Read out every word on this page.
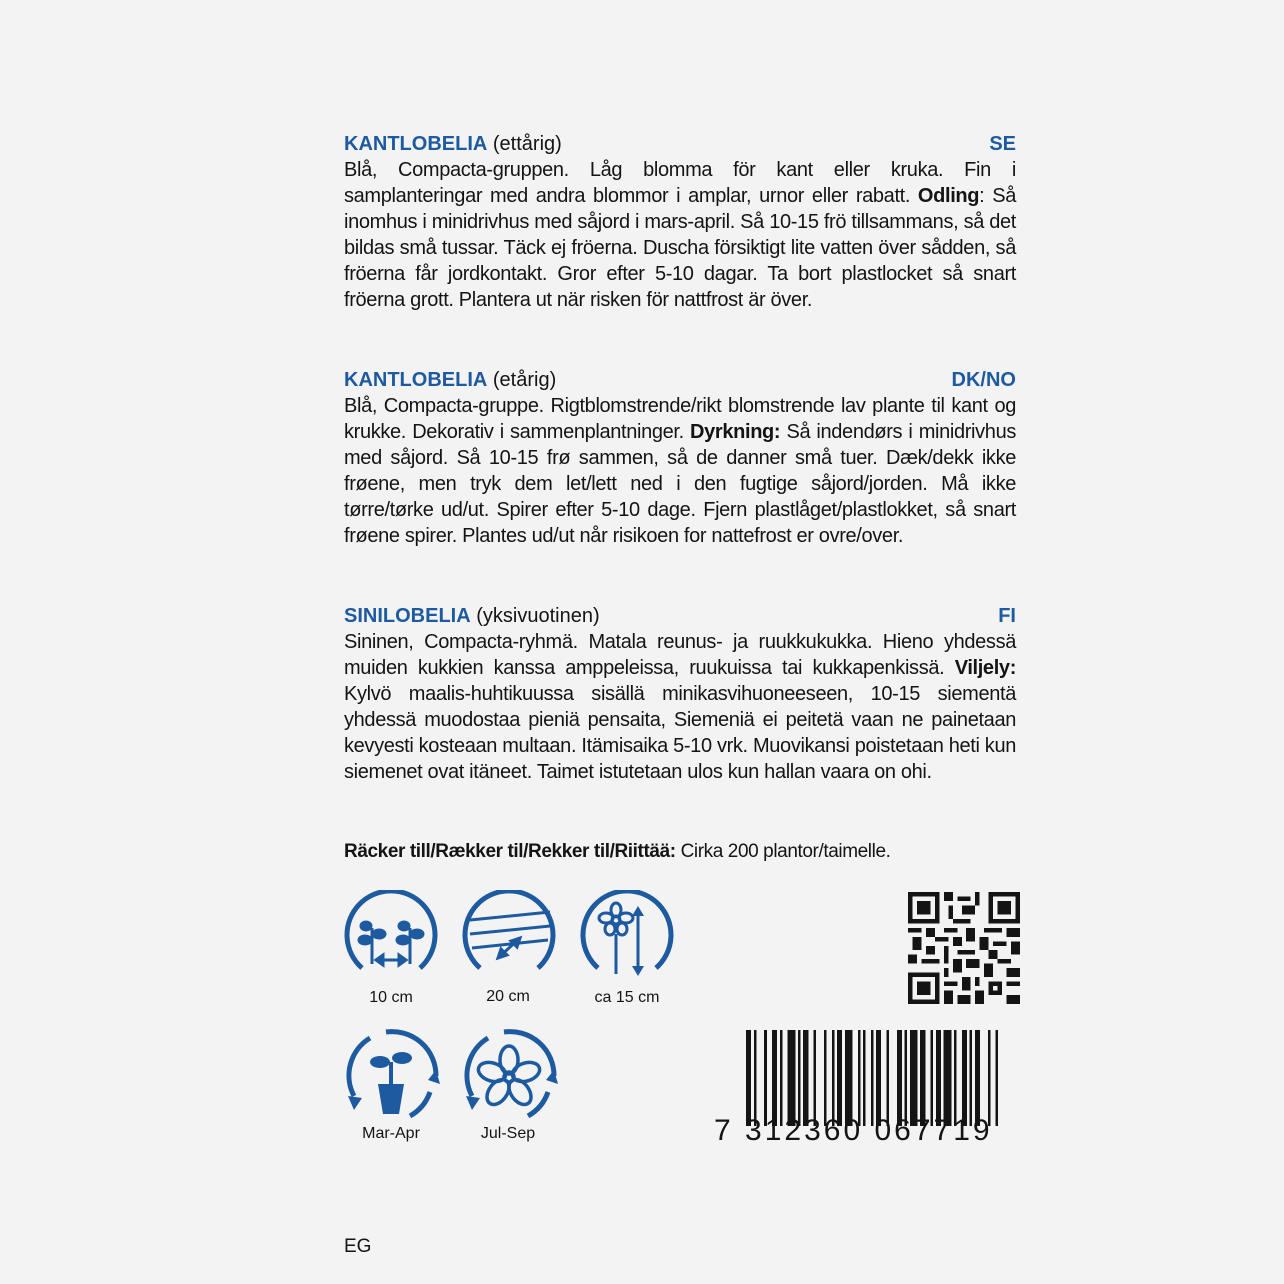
KANTLOBELIA (ettårig)	SE
Blå, Compacta-gruppen. Låg blomma för kant eller kruka. Fin i samplanteringar med andra blommor i amplar, urnor eller rabatt. Odling: Så inomhus i minidrivhus med såjord i mars-april. Så 10-15 frö tillsammans, så det bildas små tussar. Täck ej fröerna. Duscha försiktigt lite vatten över sådden, så fröerna får jordkontakt. Gror efter 5-10 dagar. Ta bort plastlocket så snart fröerna grott. Plantera ut när risken för nattfrost är över.
KANTLOBELIA (etårig)	DK/NO
Blå, Compacta-gruppe. Rigtblomstrende/rikt blomstrende lav plante til kant og krukke. Dekorativ i sammenplantninger. Dyrkning: Så indendørs i minidrivhus med såjord. Så 10-15 frø sammen, så de danner små tuer. Dæk/dekk ikke frøene, men tryk dem let/lett ned i den fugtige såjord/jorden. Må ikke tørre/tørke ud/ut. Spirer efter 5-10 dage. Fjern plastlåget/plastlokket, så snart frøene spirer. Plantes ud/ut når risikoen for nattefrost er ovre/over.
SINILOBELIA (yksivuotinen)	FI
Sininen, Compacta-ryhmä. Matala reunus- ja ruukkukukka. Hieno yhdessä muiden kukkien kanssa amppeleissa, ruukuissa tai kukkapenkissä. Viljely: Kylvö maalis-huhtikuussa sisällä minikasvihuoneeseen, 10-15 siementä yhdessä muodostaa pieniä pensaita, Siemeniä ei peitetä vaan ne painetaan kevyesti kosteaan multaan. Itämisaika 5-10 vrk. Muovikansi poistetaan heti kun siemenet ovat itäneet. Taimet istutetaan ulos kun hallan vaara on ohi.
Räcker till/Rækker til/Rekker til/Riittää: Cirka 200 plantor/taimelle.
10 cm	20 cm	ca 15 cm
Mar-Apr	Jul-Sep	7 312360 067719
EG
